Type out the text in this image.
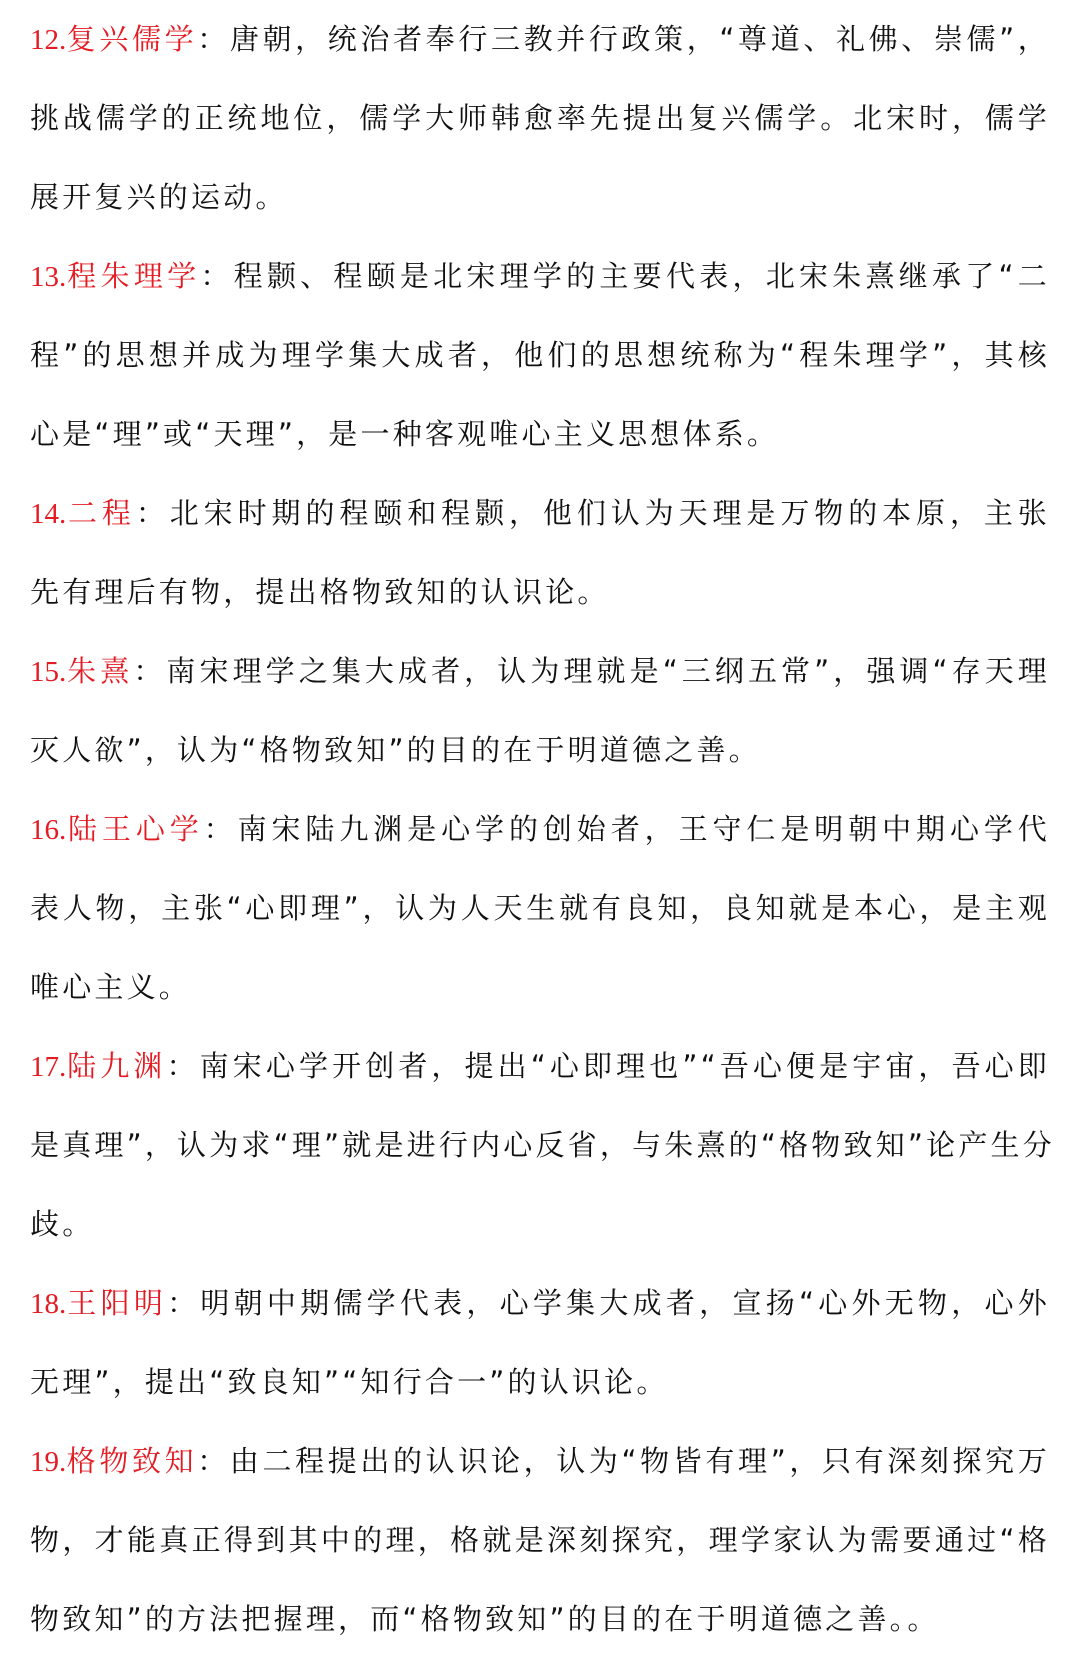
12.复兴儒学：唐朝，统治者奉行三教并行政策，“尊道、礼佛、崇儒”，
挑战儒学的正统地位，儒学大师韩愈率先提出复兴儒学。北宋时，儒学
展开复兴的运动。
13.程朱理学：程颢、程颐是北宋理学的主要代表，北宋朱熹继承了“二
程”的思想并成为理学集大成者，他们的思想统称为“程朱理学”，其核
心是“理”或“天理”，是一种客观唯心主义思想体系。
14.二程：北宋时期的程颐和程颢，他们认为天理是万物的本原，主张
先有理后有物，提出格物致知的认识论。
15.朱熹：南宋理学之集大成者，认为理就是“三纲五常”，强调“存天理
灭人欲”，认为“格物致知”的目的在于明道德之善。
16.陆王心学：南宋陆九渊是心学的创始者，王守仁是明朝中期心学代
表人物，主张“心即理”，认为人天生就有良知，良知就是本心，是主观
唯心主义。
17.陆九渊：南宋心学开创者，提出“心即理也”“吾心便是宇宙，吾心即
是真理”，认为求“理”就是进行内心反省，与朱熹的“格物致知”论产生分
歧。
18.王阳明：明朝中期儒学代表，心学集大成者，宣扬“心外无物，心外
无理”，提出“致良知”“知行合一”的认识论。
19.格物致知：由二程提出的认识论，认为“物皆有理”，只有深刻探究万
物，才能真正得到其中的理，格就是深刻探究，理学家认为需要通过“格
物致知”的方法把握理，而“格物致知”的目的在于明道德之善。。
